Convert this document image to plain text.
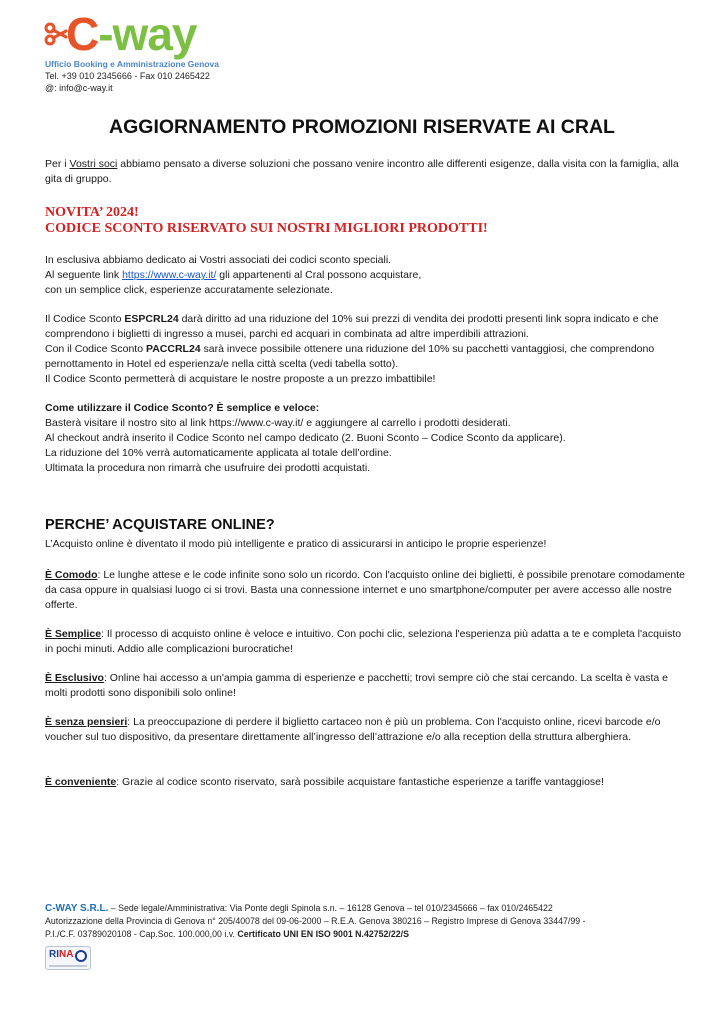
C-way
Ufficio Booking e Amministrazione Genova
Tel. +39 010 2345666 - Fax 010 2465422
@: info@c-way.it
AGGIORNAMENTO PROMOZIONI RISERVATE AI CRAL

Per i Vostri soci abbiamo pensato a diverse soluzioni che possano venire incontro alle differenti esigenze, dalla visita con la famiglia, alla gita di gruppo.

NOVITA’ 2024!
CODICE SCONTO RISERVATO SUI NOSTRI MIGLIORI PRODOTTI!

In esclusiva abbiamo dedicato ai Vostri associati dei codici sconto speciali.

Al seguente link https://www.c-way.it/ gli appartenenti al Cral possono acquistare,

con un semplice click, esperienze accuratamente selezionate.

Il Codice Sconto ESPCRL24 darà diritto ad una riduzione del 10% sui prezzi di vendita dei prodotti presenti link sopra indicato e che comprendono i biglietti di ingresso a musei, parchi ed acquari in combinata ad altre imperdibili attrazioni.

Con il Codice Sconto PACCRL24 sarà invece possibile ottenere una riduzione del 10% su pacchetti vantaggiosi, che comprendono pernottamento in Hotel ed esperienza/e nella città scelta (vedi tabella sotto).

Il Codice Sconto permetterà di acquistare le nostre proposte a un prezzo imbattibile!

Come utilizzare il Codice Sconto? È semplice e veloce:

Basterà visitare il nostro sito al link https://www.c-way.it/ e aggiungere al carrello i prodotti desiderati.

Al checkout andrà inserito il Codice Sconto nel campo dedicato (2. Buoni Sconto – Codice Sconto da applicare).

La riduzione del 10% verrà automaticamente applicata al totale dell’ordine.

Ultimata la procedura non rimarrà che usufruire dei prodotti acquistati.

PERCHE’ ACQUISTARE ONLINE?
L’Acquisto online è diventato il modo più intelligente e pratico di assicurarsi in anticipo le proprie esperienze!

È Comodo: Le lunghe attese e le code infinite sono solo un ricordo. Con l'acquisto online dei biglietti, è possibile prenotare comodamente da casa oppure in qualsiasi luogo ci si trovi. Basta una connessione internet e uno smartphone/computer per avere accesso alle nostre offerte.

È Semplice: Il processo di acquisto online è veloce e intuitivo. Con pochi clic, seleziona l'esperienza più adatta a te e completa l'acquisto in pochi minuti. Addio alle complicazioni burocratiche!

È Esclusivo: Online hai accesso a un'ampia gamma di esperienze e pacchetti; trovi sempre ciò che stai cercando. La scelta è vasta e molti prodotti sono disponibili solo online!

È senza pensieri: La preoccupazione di perdere il biglietto cartaceo non è più un problema. Con l'acquisto online, ricevi barcode e/o voucher sul tuo dispositivo, da presentare direttamente all’ingresso dell’attrazione e/o alla reception della struttura alberghiera.

È conveniente: Grazie al codice sconto riservato, sarà possibile acquistare fantastiche esperienze a tariffe vantaggiose!

C-WAY S.R.L. – Sede legale/Amministrativa: Via Ponte degli Spinola s.n. – 16128 Genova – tel 010/2345666 – fax 010/2465422
Autorizzazione della Provincia di Genova n° 205/40078 del 09-06-2000 – R.E.A. Genova 380216 – Registro Imprese di Genova 33447/99 -
P.I./C.F. 03789020108 - Cap.Soc. 100.000,00 i.v. Certificato UNI EN ISO 9001 N.42752/22/S
RINA
